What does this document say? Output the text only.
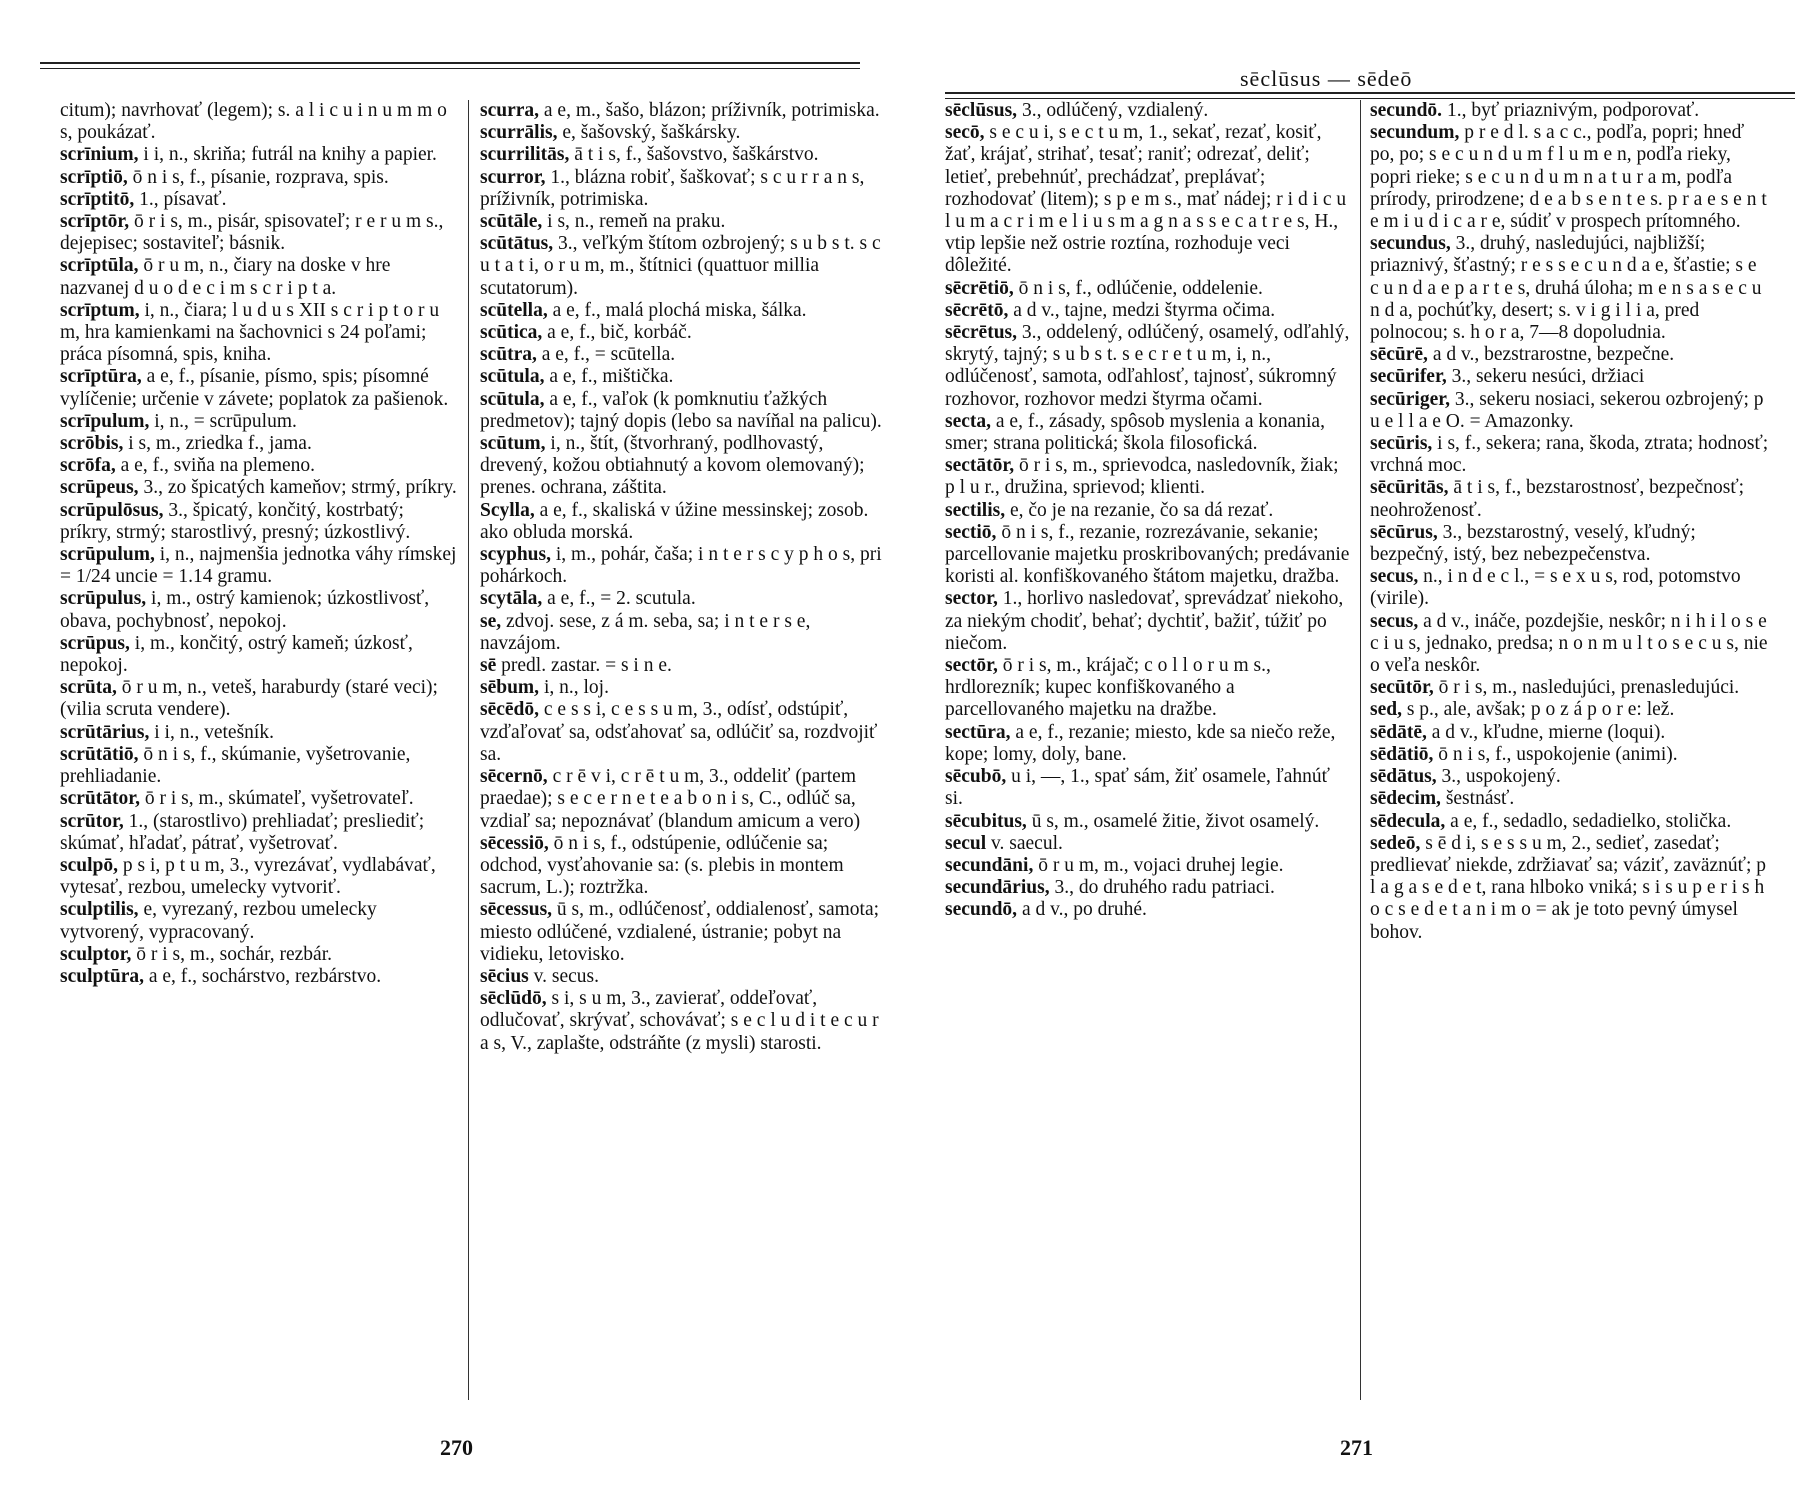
citum); navrhovať (legem); s. a l i c u i n u m m o s, poukázať.

scrīnium, i i, n., skriňa; futrál na knihy a papier.

scrīptiō, ō n i s, f., písanie, rozprava, spis.

scrīptitō, 1., písavať.

scrīptōr, ō r i s, m., pisár, spisovateľ; r e r u m s., dejepisec; sostaviteľ; básnik.

scrīptūla, ō r u m, n., čiary na doske v hre nazvanej d u o d e c i m s c r i p t a.

scrīptum, i, n., čiara; l u d u s XII s c r i p t o r u m, hra kamienkami na šachovnici s 24 poľami; práca písomná, spis, kniha.

scrīptūra, a e, f., písanie, písmo, spis; písomné vylíčenie; určenie v závete; poplatok za pašienok.

scrīpulum, i, n., = scrūpulum.

scrōbis, i s, m., zriedka f., jama.

scrōfa, a e, f., sviňa na plemeno.

scrūpeus, 3., zo špicatých kameňov; strmý, príkry.

scrūpulōsus, 3., špicatý, končitý, kostrbatý; príkry, strmý; starostlivý, presný; úzkostlivý.

scrūpulum, i, n., najmenšia jednotka váhy rímskej = 1/24 uncie = 1.14 gramu.

scrūpulus, i, m., ostrý kamienok; úzkostlivosť, obava, pochybnosť, nepokoj.

scrūpus, i, m., končitý, ostrý kameň; úzkosť, nepokoj.

scrūta, ō r u m, n., veteš, haraburdy (staré veci); (vilia scruta vendere).

scrūtārius, i i, n., vetešník.

scrūtātiō, ō n i s, f., skúmanie, vyšetrovanie, prehliadanie.

scrūtātor, ō r i s, m., skúmateľ, vyšetrovateľ.

scrūtor, 1., (starostlivo) prehliadať; presliediť; skúmať, hľadať, pátrať, vyšetrovať.

sculpō, p s i, p t u m, 3., vyrezávať, vydlabávať, vytesať, rezbou, umelecky vytvoriť.

sculptilis, e, vyrezaný, rezbou umelecky vytvorený, vypracovaný.

sculptor, ō r i s, m., sochár, rezbár.

sculptūra, a e, f., sochárstvo, rezbárstvo.

scurra, a e, m., šašo, blázon; príživník, potrimiska.

scurrālis, e, šašovský, šaškársky.

scurrilitās, ā t i s, f., šašovstvo, šaškárstvo.

scurror, 1., blázna robiť, šaškovať; s c u r r a n s, príživník, potrimiska.

scūtāle, i s, n., remeň na praku.

scūtātus, 3., veľkým štítom ozbrojený; s u b s t. s c u t a t i, o r u m, m., štítnici (quattuor millia scutatorum).

scūtella, a e, f., malá plochá miska, šálka.

scūtica, a e, f., bič, korbáč.

scūtra, a e, f., = scūtella.

scūtula, a e, f., mištička.

scūtula, a e, f., vaľok (k pomknutiu ťažkých predmetov); tajný dopis (lebo sa navíňal na palicu).

scūtum, i, n., štít, (štvorhraný, podlhovastý, drevený, kožou obtiahnutý a kovom olemovaný); prenes. ochrana, záštita.

Scylla, a e, f., skaliská v úžine messinskej; zosob. ako obluda morská.

scyphus, i, m., pohár, čaša; i n t e r s c y p h o s, pri pohárkoch.

scytāla, a e, f., = 2. scutula.

se, zdvoj. sese, z á m. seba, sa; i n t e r s e, navzájom.

sē predl. zastar. = s i n e.

sēbum, i, n., loj.

sēcēdō, c e s s i, c e s s u m, 3., odísť, odstúpiť, vzďaľovať sa, odsťahovať sa, odlúčiť sa, rozdvojiť sa.

sēcernō, c r ē v i, c r ē t u m, 3., oddeliť (partem praedae); s e c e r n e t e a b o n i s, C., odlúč sa, vzdiaľ sa; nepoznávať (blandum amicum a vero)

sēcessiō, ō n i s, f., odstúpenie, odlúčenie sa; odchod, vysťahovanie sa: (s. plebis in montem sacrum, L.); roztržka.

sēcessus, ū s, m., odlúčenosť, oddialenosť, samota; miesto odlúčené, vzdialené, ústranie; pobyt na vidieku, letovisko.

sēcius v. secus.

sēclūdō, s i, s u m, 3., zavierať, oddeľovať, odlučovať, skrývať, schovávať; s e c l u d i t e c u r a s, V., zaplašte, odstráňte (z mysli) starosti.

270
sēclūsus — sēdeō

sēclūsus, 3., odlúčený, vzdialený.

secō, s e c u i, s e c t u m, 1., sekať, rezať, kosiť, žať, krájať, strihať, tesať; raniť; odrezať, deliť; letieť, prebehnúť, prechádzať, preplávať; rozhodovať (litem); s p e m s., mať nádej; r i d i c u l u m a c r i m e l i u s m a g n a s s e c a t r e s, H., vtip lepšie než ostrie roztína, rozhoduje veci dôležité.

sēcrētiō, ō n i s, f., odlúčenie, oddelenie.

sēcrētō, a d v., tajne, medzi štyrma očima.

sēcrētus, 3., oddelený, odlúčený, osamelý, odľahlý, skrytý, tajný; s u b s t. s e c r e t u m, i, n., odlúčenosť, samota, odľahlosť, tajnosť, súkromný rozhovor, rozhovor medzi štyrma očami.

secta, a e, f., zásady, spôsob myslenia a konania, smer; strana politická; škola filosofická.

sectātōr, ō r i s, m., sprievodca, nasledovník, žiak; p l u r., družina, sprievod; klienti.

sectilis, e, čo je na rezanie, čo sa dá rezať.

sectiō, ō n i s, f., rezanie, rozrezávanie, sekanie; parcellovanie majetku proskribovaných; predávanie koristi al. konfiškovaného štátom majetku, dražba.

sector, 1., horlivo nasledovať, sprevádzať niekoho, za niekým chodiť, behať; dychtiť, bažiť, túžiť po niečom.

sectōr, ō r i s, m., krájač; c o l l o r u m s., hrdlorezník; kupec konfiškovaného a parcellovaného majetku na dražbe.

sectūra, a e, f., rezanie; miesto, kde sa niečo reže, kope; lomy, doly, bane.

sēcubō, u i, —, 1., spať sám, žiť osamele, ľahnúť si.

sēcubitus, ū s, m., osamelé žitie, život osamelý.

secul v. saecul.

secundāni, ō r u m, m., vojaci druhej legie.

secundārius, 3., do druhého radu patriaci.

secundō, a d v., po druhé.

secundō. 1., byť priaznivým, podporovať.

secundum, p r e d l. s a c c., podľa, popri; hneď po, po; s e c u n d u m f l u m e n, podľa rieky, popri rieke; s e c u n d u m n a t u r a m, podľa prírody, prirodzene; d e a b s e n t e s. p r a e s e n t e m i u d i c a r e, súdiť v prospech prítomného.

secundus, 3., druhý, nasledujúci, najbližší; priaznivý, šťastný; r e s s e c u n d a e, šťastie; s e c u n d a e p a r t e s, druhá úloha; m e n s a s e c u n d a, pochúťky, desert; s. v i g i l i a, pred polnocou; s. h o r a, 7—8 dopoludnia.

sēcūrē, a d v., bezstrarostne, bezpečne.

secūrifer, 3., sekeru nesúci, držiaci

secūriger, 3., sekeru nosiaci, sekerou ozbrojený; p u e l l a e O. = Amazonky.

secūris, i s, f., sekera; rana, škoda, ztrata; hodnosť; vrchná moc.

sēcūritās, ā t i s, f., bezstarostnosť, bezpečnosť; neohroženosť.

sēcūrus, 3., bezstarostný, veselý, kľudný; bezpečný, istý, bez nebezpečenstva.

secus, n., i n d e c l., = s e x u s, rod, potomstvo (virile).

secus, a d v., ináče, pozdejšie, neskôr; n i h i l o s e c i u s, jednako, predsa; n o n m u l t o s e c u s, nie o veľa neskôr.

secūtōr, ō r i s, m., nasledujúci, prenasledujúci.

sed, s p., ale, avšak; p o z á p o r e: lež.

sēdātē, a d v., kľudne, mierne (loqui).

sēdātiō, ō n i s, f., uspokojenie (animi).

sēdātus, 3., uspokojený.

sēdecim, šestnásť.

sēdecula, a e, f., sedadlo, sedadielko, stolička.

sedeō, s ē d i, s e s s u m, 2., sedieť, zasedať; predlievať niekde, zdržiavať sa; váziť, zaväznúť; p l a g a s e d e t, rana hlboko vniká; s i s u p e r i s h o c s e d e t a n i m o = ak je toto pevný úmysel bohov.

271
